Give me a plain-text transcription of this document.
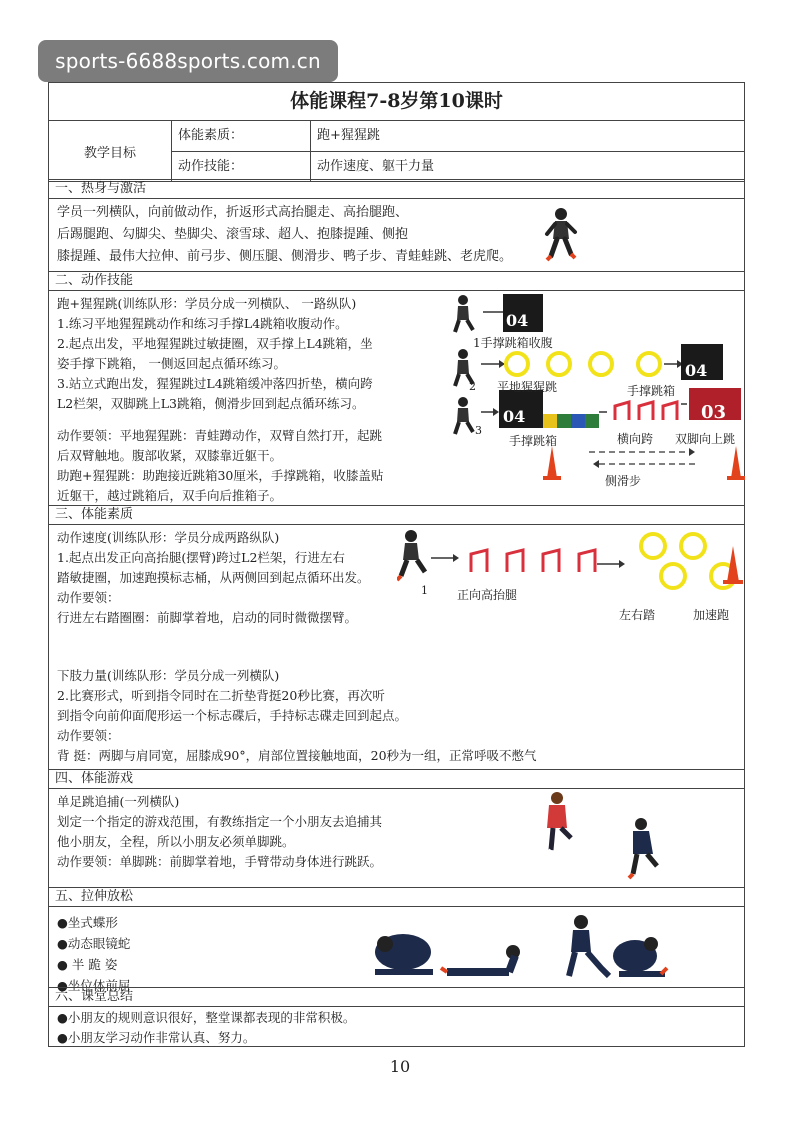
sports-6688sports.com.cn
体能课程7-8岁第10课时
教学目标
体能素质：	跑+猩猩跳
动作技能：	动作速度、躯干力量
一、热身与激活

学员一列横队，向前做动作，折返形式高抬腿走、高抬腿跑、

后踢腿跑、勾脚尖、垫脚尖、滚雪球、超人、抱膝提踵、侧抱

膝提踵、最伟大拉伸、前弓步、侧压腿、侧滑步、鸭子步、青蛙蛙跳、老虎爬。

二、动作技能

跑+猩猩跳(训练队形：学员分成一列横队、 一路纵队)

1.练习平地猩猩跳动作和练习手撑L4跳箱收腹动作。

2.起点出发，平地猩猩跳过敏捷圈，双手撑上L4跳箱，坐

姿手撑下跳箱， 一侧返回起点循环练习。

3.站立式跑出发，猩猩跳过L4跳箱缓冲落四折垫，横向跨

L2栏架，双脚跳上L3跳箱，侧滑步回到起点循环练习。

动作要领：平地猩猩跳：青蛙蹲动作，双臂自然打开，起跳

后双臂触地。腹部收紧，双膝靠近躯干。

助跑+猩猩跳：助跑接近跳箱30厘米，手撑跳箱，收膝盖贴

近躯干，越过跳箱后，双手向后推箱子。

04
04
04	03
1手撑跳箱收腹
2
3
平地猩猩跳	手撑跳箱
手撑跳箱	横向跨 双脚向上跳
侧滑步
三、体能素质

动作速度(训练队形：学员分成两路纵队)

1.起点出发正向高抬腿(摆臂)跨过L2栏架，行进左右

踏敏捷圈，加速跑摸标志桶，从两侧回到起点循环出发。

动作要领：

行进左右踏圈圈：前脚掌着地，启动的同时微微摆臂。

下肢力量(训练队形：学员分成一列横队)

2.比赛形式，听到指令同时在二折垫背挺20秒比赛，再次听

到指令向前仰面爬形运一个标志碟后，手持标志碟走回到起点。

动作要领：

背 挺：两脚与肩同宽，屈膝成90°，肩部位置接触地面，20秒为一组，正常呼吸不憋气

1 正向高抬腿
左右踏	加速跑
四、体能游戏

单足跳追捕(一列横队)

划定一个指定的游戏范围，有教练指定一个小朋友去追捕其

他小朋友，全程，所以小朋友必须单脚跳。

动作要领：单脚跳：前脚掌着地，手臂带动身体进行跳跃。

五、拉伸放松

●坐式蝶形

●动态眼镜蛇

● 半 跪 姿

●坐位体前屈

六、课堂总结

●小朋友的规则意识很好，整堂课都表现的非常积极。

●小朋友学习动作非常认真、努力。

10
